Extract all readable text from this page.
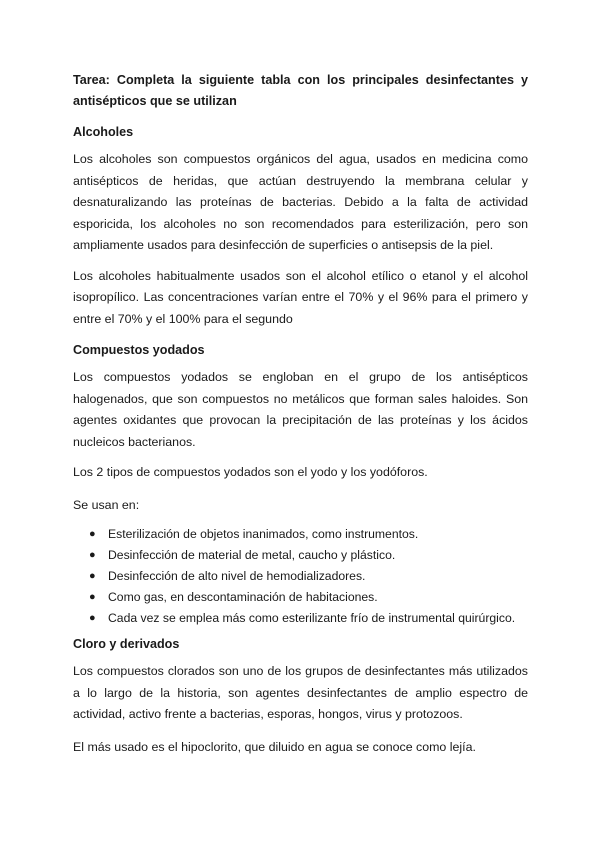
Tarea: Completa la siguiente tabla con los principales desinfectantes y antisépticos que se utilizan

Alcoholes

Los alcoholes son compuestos orgánicos del agua, usados en medicina como antisépticos de heridas, que actúan destruyendo la membrana celular y desnaturalizando las proteínas de bacterias. Debido a la falta de actividad esporicida, los alcoholes no son recomendados para esterilización, pero son ampliamente usados para desinfección de superficies o antisepsis de la piel.

Los alcoholes habitualmente usados son el alcohol etílico o etanol y el alcohol isopropílico. Las concentraciones varían entre el 70% y el 96% para el primero y entre el 70% y el 100% para el segundo

Compuestos yodados

Los compuestos yodados se engloban en el grupo de los antisépticos halogenados, que son compuestos no metálicos que forman sales haloides. Son agentes oxidantes que provocan la precipitación de las proteínas y los ácidos nucleicos bacterianos.

Los 2 tipos de compuestos yodados son el yodo y los yodóforos.

Se usan en:

● Esterilización de objetos inanimados, como instrumentos.
● Desinfección de material de metal, caucho y plástico.
● Desinfección de alto nivel de hemodializadores.
● Como gas, en descontaminación de habitaciones.
● Cada vez se emplea más como esterilizante frío de instrumental quirúrgico.
Cloro y derivados

Los compuestos clorados son uno de los grupos de desinfectantes más utilizados a lo largo de la historia, son agentes desinfectantes de amplio espectro de actividad, activo frente a bacterias, esporas, hongos, virus y protozoos.

El más usado es el hipoclorito, que diluido en agua se conoce como lejía.
